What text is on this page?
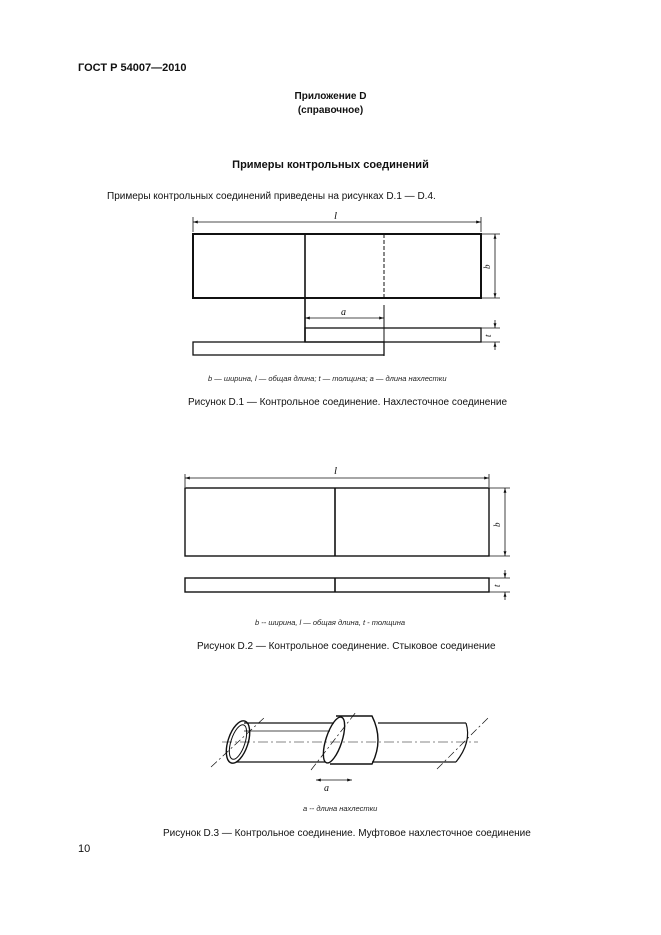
ГОСТ Р 54007—2010
Приложение D
(справочное)
Примеры контрольных соединений
Примеры контрольных соединений приведены на рисунках D.1 — D.4.
l
b
a
t
l
b
t
a
b — ширина, l — общая длина; t — толщина; a — длина нахлестки
Рисунок D.1 — Контрольное соединение. Нахлесточное соединение
b -- ширина, l — общая длина, t - толщина
Рисунок D.2 — Контрольное соединение. Стыковое соединение
a -- длина нахлестки
Рисунок D.3 — Контрольное соединение. Муфтовое нахлесточное соединение
10
